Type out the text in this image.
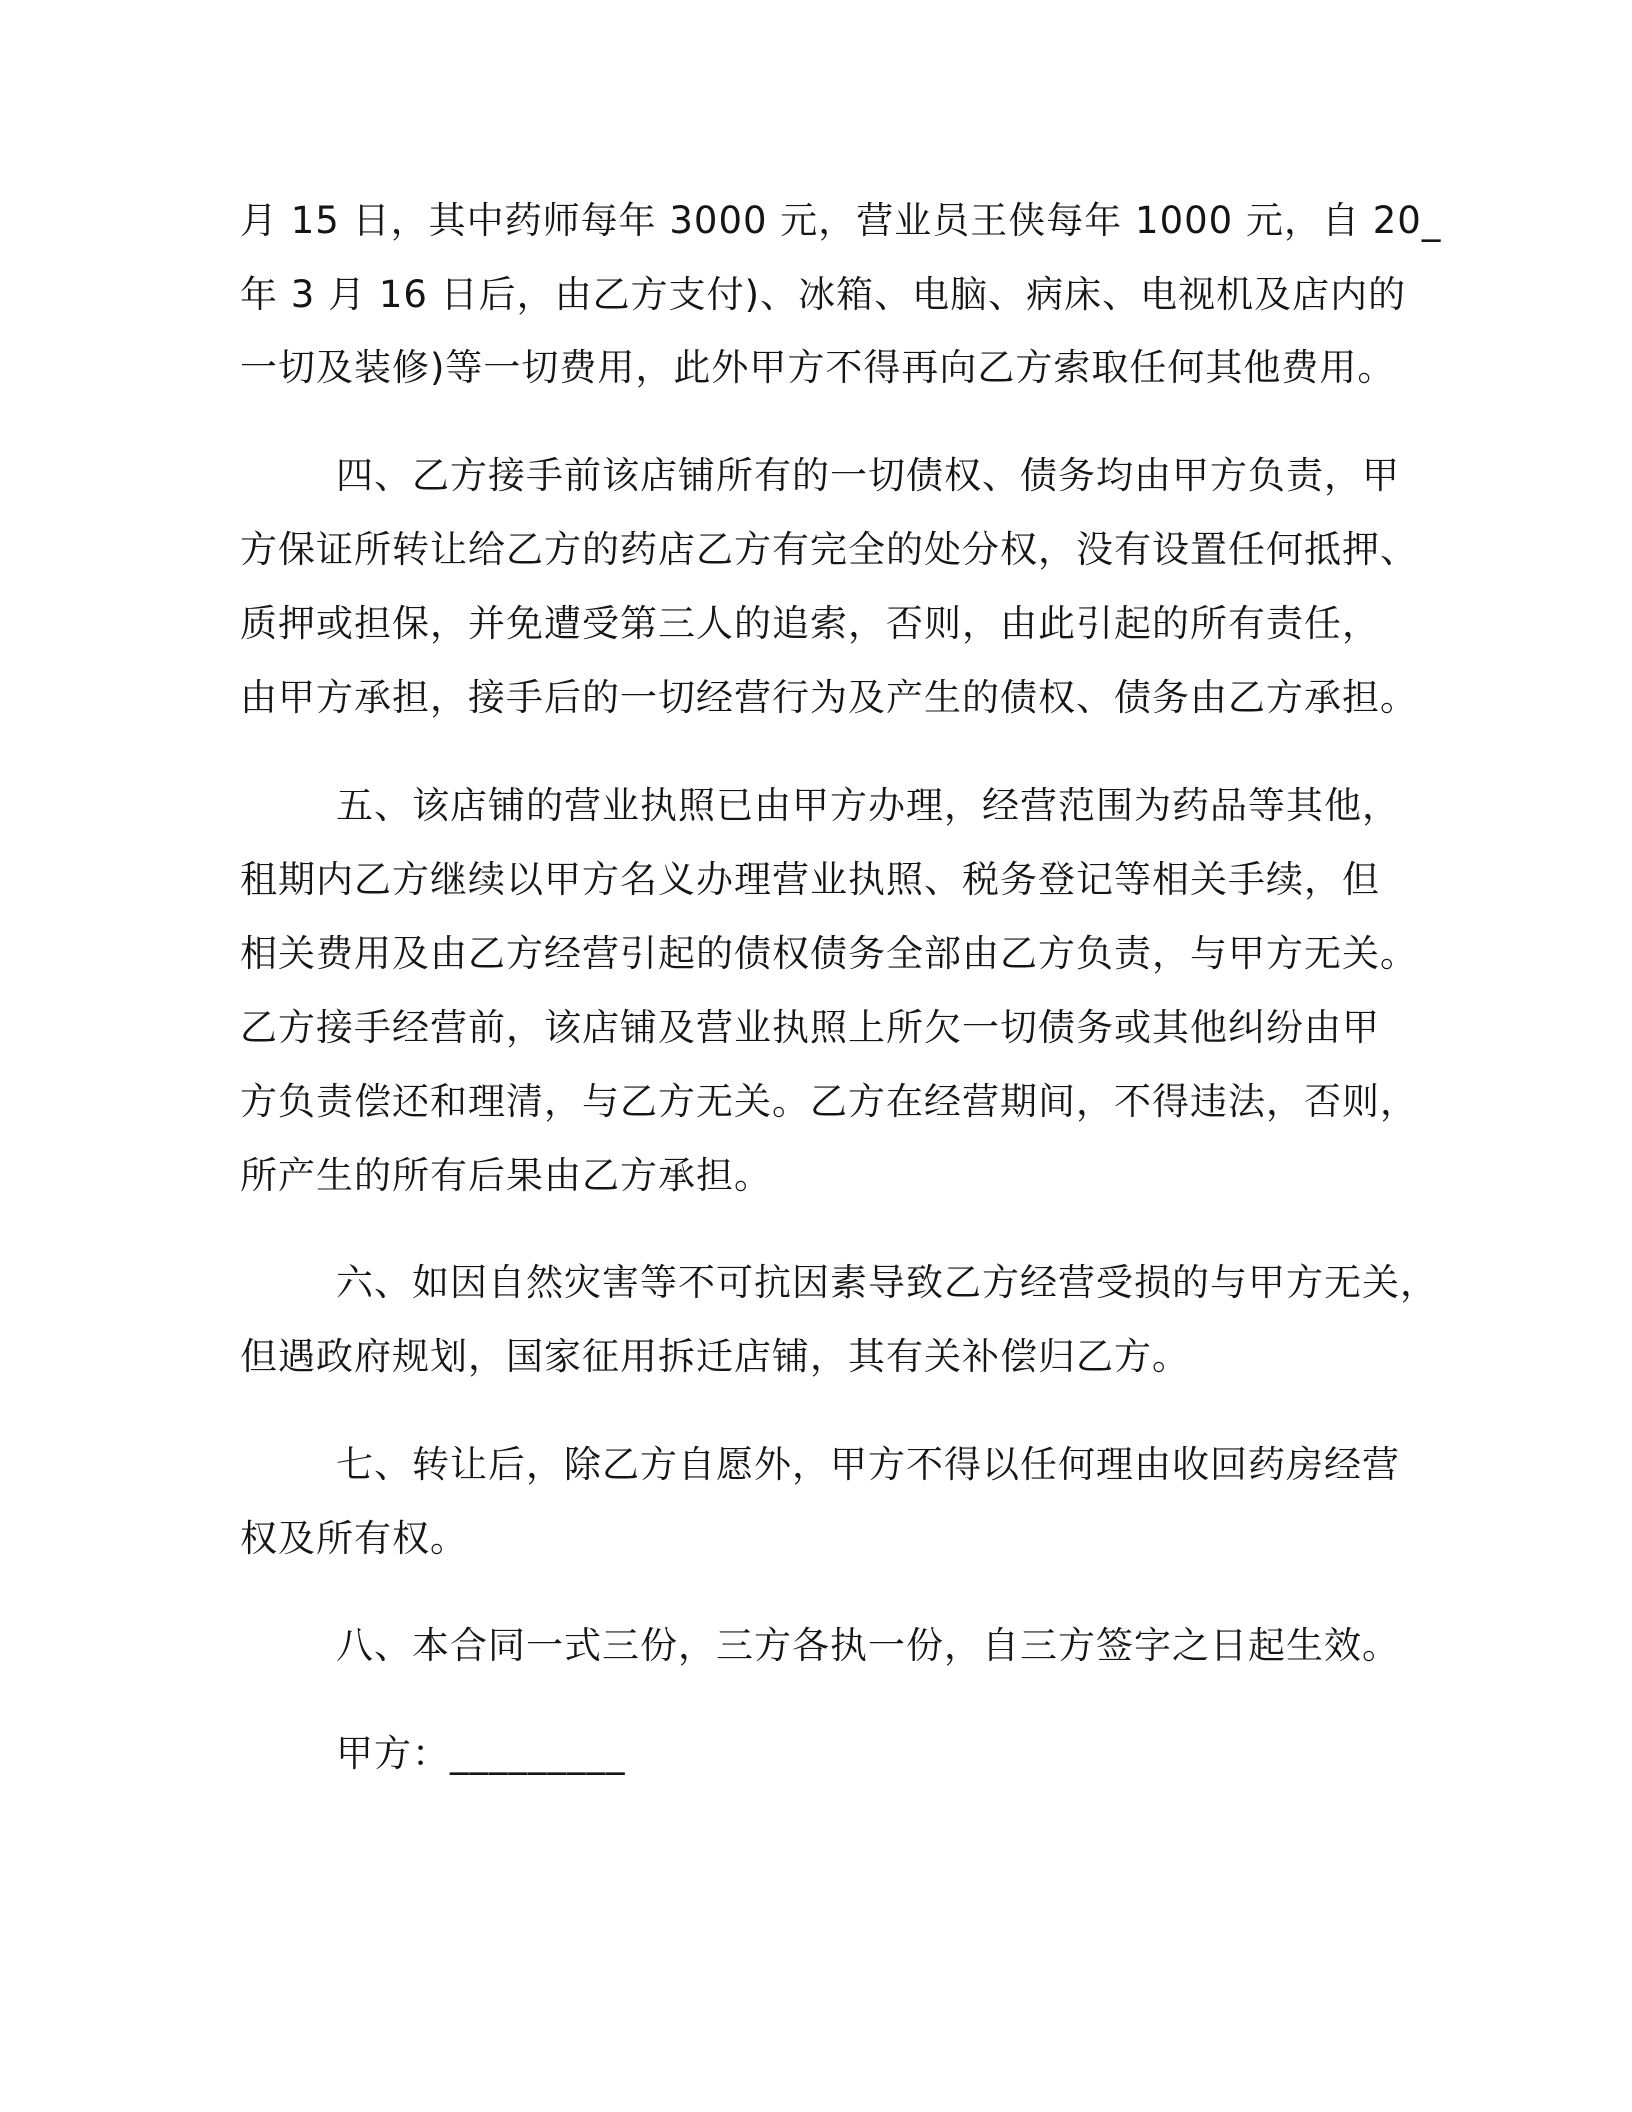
月 15 日，其中药师每年 3000 元，营业员王侠每年 1000 元，自 20_
年 3 月 16 日后，由乙方支付)、冰箱、电脑、病床、电视机及店内的
一切及装修)等一切费用，此外甲方不得再向乙方索取任何其他费用。
四、乙方接手前该店铺所有的一切债权、债务均由甲方负责，甲
方保证所转让给乙方的药店乙方有完全的处分权，没有设置任何抵押、
质押或担保，并免遭受第三人的追索，否则，由此引起的所有责任，
由甲方承担，接手后的一切经营行为及产生的债权、债务由乙方承担。
五、该店铺的营业执照已由甲方办理，经营范围为药品等其他，
租期内乙方继续以甲方名义办理营业执照、税务登记等相关手续，但
相关费用及由乙方经营引起的债权债务全部由乙方负责，与甲方无关。
乙方接手经营前，该店铺及营业执照上所欠一切债务或其他纠纷由甲
方负责偿还和理清，与乙方无关。乙方在经营期间，不得违法，否则，
所产生的所有后果由乙方承担。
六、如因自然灾害等不可抗因素导致乙方经营受损的与甲方无关，
但遇政府规划，国家征用拆迁店铺，其有关补偿归乙方。
七、转让后，除乙方自愿外，甲方不得以任何理由收回药房经营
权及所有权。
八、本合同一式三份，三方各执一份，自三方签字之日起生效。
甲方：_________
